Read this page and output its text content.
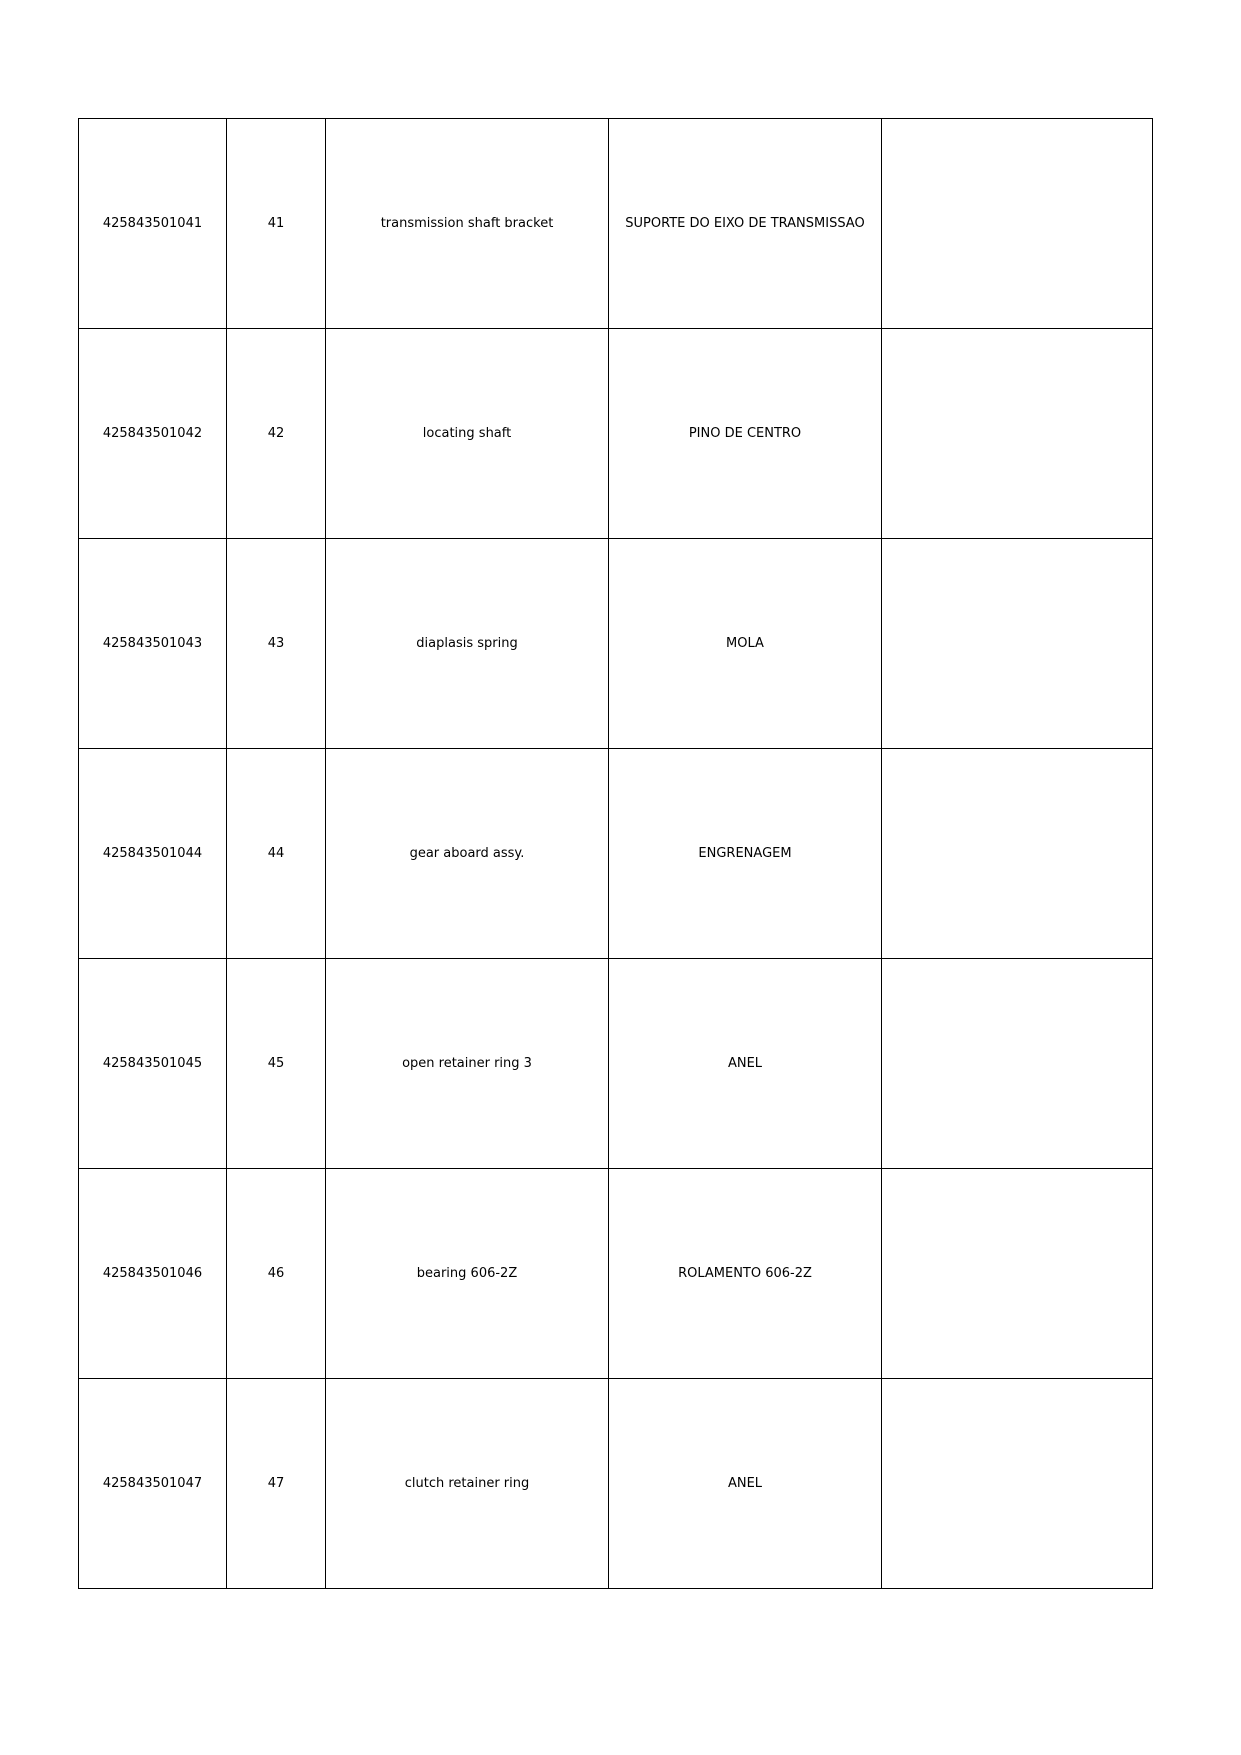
425843501041	41	transmission shaft bracket	SUPORTE DO EIXO DE TRANSMISSAO	
425843501042	42	locating shaft	PINO DE CENTRO	
425843501043	43	diaplasis spring	MOLA	
425843501044	44	gear aboard assy.	ENGRENAGEM	
425843501045	45	open retainer ring 3	ANEL	
425843501046	46	bearing 606-2Z	ROLAMENTO 606-2Z	
425843501047	47	clutch retainer ring	ANEL	
